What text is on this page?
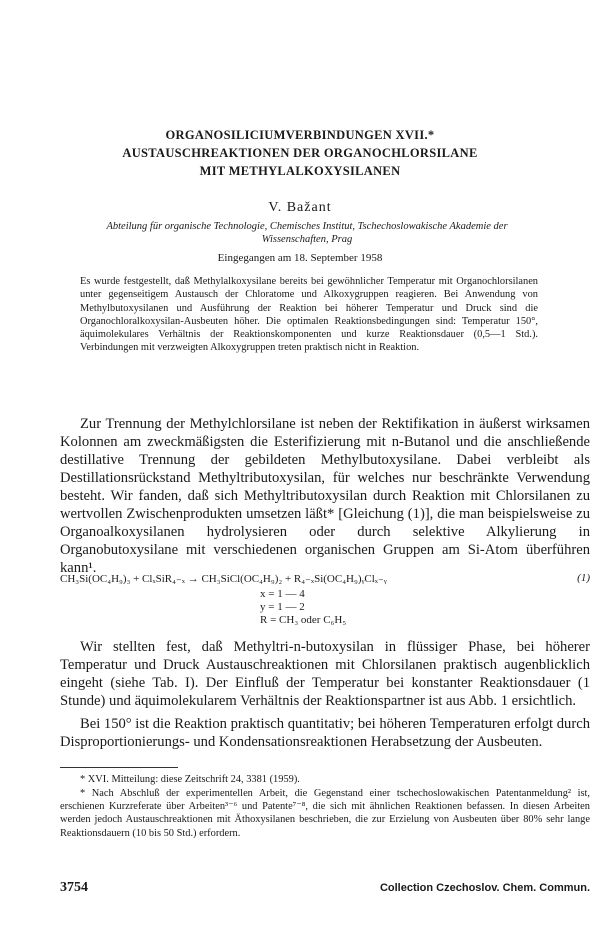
ORGANOSILICIUMVERBINDUNGEN XVII.*
AUSTAUSCHREAKTIONEN DER ORGANOCHLORSILANE
MIT METHYLALKOXYSILANEN
V. Bažant
Abteilung für organische Technologie, Chemisches Institut, Tschechoslowakische Akademie der
Wissenschaften, Prag
Eingegangen am 18. September 1958

Es wurde festgestellt, daß Methylalkoxysilane bereits bei gewöhnlicher Temperatur mit Organochlorsilanen unter gegenseitigem Austausch der Chloratome und Alkoxygruppen reagieren. Bei Anwendung von Methylbutoxysilanen und Ausführung der Reaktion bei höherer Temperatur und Druck sind die Organochloralkoxysilan-Ausbeuten höher. Die optimalen Reaktionsbedingungen sind: Temperatur 150°, äquimolekulares Verhältnis der Reaktionskomponenten und kurze Reaktionsdauer (0,5—1 Std.). Verbindungen mit verzweigten Alkoxygruppen treten praktisch nicht in Reaktion.

Zur Trennung der Methylchlorsilane ist neben der Rektifikation in äußerst wirksamen Kolonnen am zweckmäßigsten die Esterifizierung mit n-Butanol und die anschließende destillative Trennung der gebildeten Methylbutoxysilane. Dabei verbleibt als Destillationsrückstand Methyltributoxysilan, für welches nur beschränkte Verwendung besteht. Wir fanden, daß sich Methyltributoxysilan durch Reaktion mit Chlorsilanen zu wertvollen Zwischenprodukten umsetzen läßt* [Gleichung (1)], die man beispielsweise zu Organoalkoxysilanen hydrolysieren oder durch selektive Alkylierung in Organobutoxysilane mit verschiedenen organischen Gruppen am Si-Atom überführen kann¹.

CH₃Si(OC₄H₉)₃ + ClₓSiR₄₋ₓ → CH₃SiCl(OC₄H₉)₂ + R₄₋ₓSi(OC₄H₉)ᵧClₓ₋ᵧ	(1)
x = 1 — 4
y = 1 — 2
R = CH₃ oder C₆H₅

Wir stellten fest, daß Methyltri-n-butoxysilan in flüssiger Phase, bei höherer Temperatur und Druck Austauschreaktionen mit Chlorsilanen praktisch augenblicklich eingeht (siehe Tab. I). Der Einfluß der Temperatur bei konstanter Reaktionsdauer (1 Stunde) und äquimolekularem Verhältnis der Reaktionspartner ist aus Abb. 1 ersichtlich.

Bei 150° ist die Reaktion praktisch quantitativ; bei höheren Temperaturen erfolgt durch Disproportionierungs- und Kondensationsreaktionen Herabsetzung der Ausbeuten.

* XVI. Mitteilung: diese Zeitschrift 24, 3381 (1959).

* Nach Abschluß der experimentellen Arbeit, die Gegenstand einer tschechoslowakischen Patentanmeldung² ist, erschienen Kurzreferate über Arbeiten³⁻⁶ und Patente⁷⁻⁸, die sich mit ähnlichen Reaktionen befassen. In diesen Arbeiten werden jedoch Austauschreaktionen mit Äthoxysilanen beschrieben, die zur Erzielung von Ausbeuten über 80% sehr lange Reaktionsdauern (10 bis 50 Std.) erfordern.

3754	Collection Czechoslov. Chem. Commun.
